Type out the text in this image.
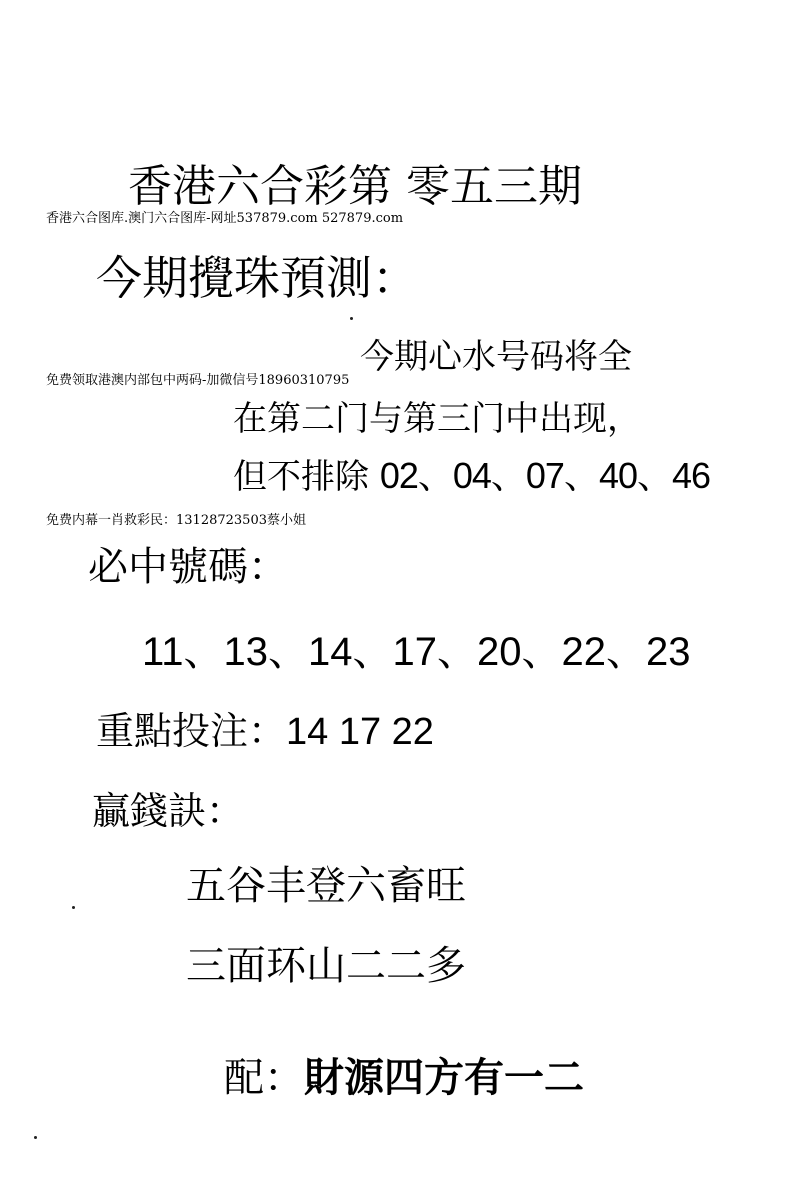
香港六合彩第 零五三期
香港六合图库.澳门六合图库-网址537879.com 527879.com
今期攪珠預測：
今期心水号码将全
免费领取港澳内部包中两码-加微信号18960310795
在第二门与第三门中出现，
但不排除 02、04、07、40、46
免费内幕一肖救彩民：13128723503蔡小姐
必中號碼：
11、13、14、17、20、22、23
重點投注：14 17 22
贏錢訣：
五谷丰登六畜旺
三面环山二二多
配：財源四方有一二
